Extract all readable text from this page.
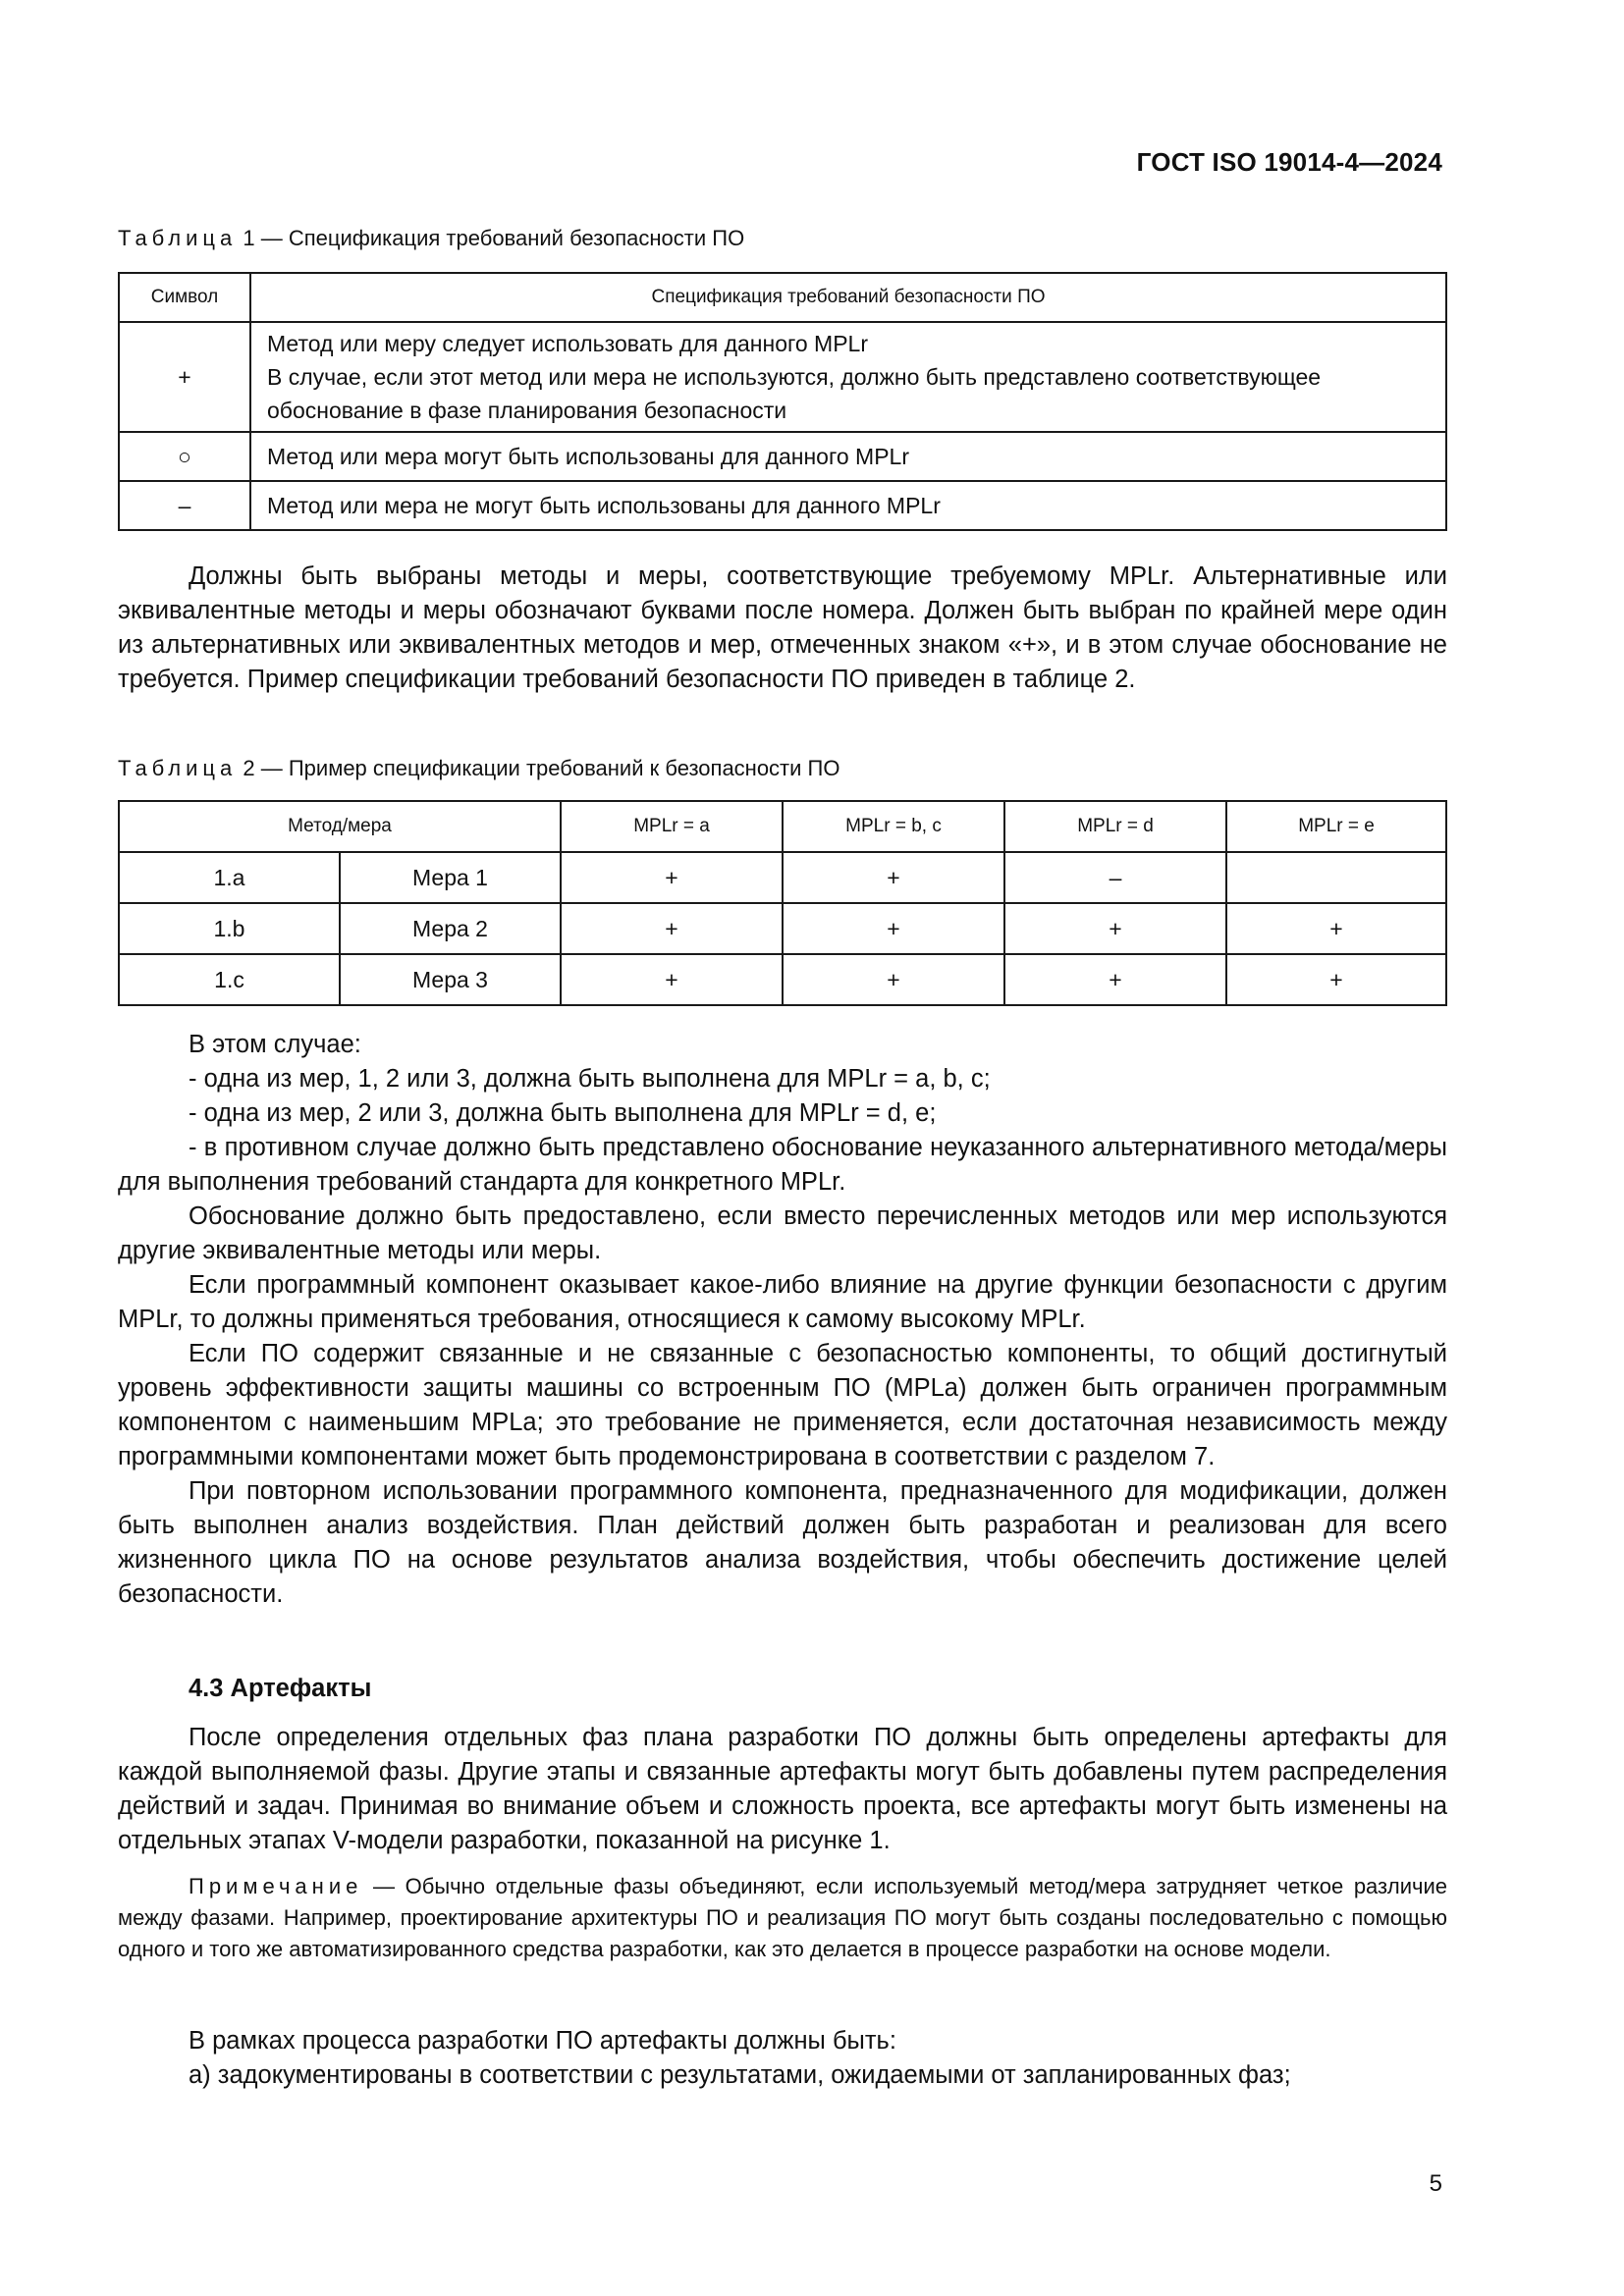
ГОСТ ISO 19014-4—2024
Таблица 1 — Спецификация требований безопасности ПО
Символ	Спецификация требований безопасности ПО
+	Метод или меру следует использовать для данного MPLr
В случае, если этот метод или мера не используются, должно быть представлено соответствующее
обоснование в фазе планирования безопасности

○	Метод или мера могут быть использованы для данного MPLr

–	Метод или мера не могут быть использованы для данного MPLr

Должны быть выбраны методы и меры, соответствующие требуемому MPLr. Альтернативные или эквивалентные методы и меры обозначают буквами после номера. Должен быть выбран по крайней мере один из альтернативных или эквивалентных методов и мер, отмеченных знаком «+», и в этом случае обоснование не требуется. Пример спецификации требований безопасности ПО приведен в таблице 2.

Таблица 2 — Пример спецификации требований к безопасности ПО
Метод/мера		MPLr = a	MPLr = b, c	MPLr = d	MPLr = e
1.a	Мера 1	+	+	–	
1.b	Мера 2	+	+	+	+
1.c	Мера 3	+	+	+	+

В этом случае:

- одна из мер, 1, 2 или 3, должна быть выполнена для MPLr = a, b, c;

- одна из мер, 2 или 3, должна быть выполнена для MPLr = d, e;

- в противном случае должно быть представлено обоснование неуказанного альтернативного метода/меры для выполнения требований стандарта для конкретного MPLr.

Обоснование должно быть предоставлено, если вместо перечисленных методов или мер используются другие эквивалентные методы или меры.

Если программный компонент оказывает какое-либо влияние на другие функции безопасности с другим MPLr, то должны применяться требования, относящиеся к самому высокому MPLr.

Если ПО содержит связанные и не связанные с безопасностью компоненты, то общий достигнутый уровень эффективности защиты машины со встроенным ПО (MPLa) должен быть ограничен программным компонентом с наименьшим MPLa; это требование не применяется, если достаточная независимость между программными компонентами может быть продемонстрирована в соответствии с разделом 7.

При повторном использовании программного компонента, предназначенного для модификации, должен быть выполнен анализ воздействия. План действий должен быть разработан и реализован для всего жизненного цикла ПО на основе результатов анализа воздействия, чтобы обеспечить достижение целей безопасности.

4.3 Артефакты

После определения отдельных фаз плана разработки ПО должны быть определены артефакты для каждой выполняемой фазы. Другие этапы и связанные артефакты могут быть добавлены путем распределения действий и задач. Принимая во внимание объем и сложность проекта, все артефакты могут быть изменены на отдельных этапах V-модели разработки, показанной на рисунке 1.

Примечание — Обычно отдельные фазы объединяют, если используемый метод/мера затрудняет четкое различие между фазами. Например, проектирование архитектуры ПО и реализация ПО могут быть созданы последовательно с помощью одного и того же автоматизированного средства разработки, как это делается в процессе разработки на основе модели.

В рамках процесса разработки ПО артефакты должны быть:

a) задокументированы в соответствии с результатами, ожидаемыми от запланированных фаз;

5
